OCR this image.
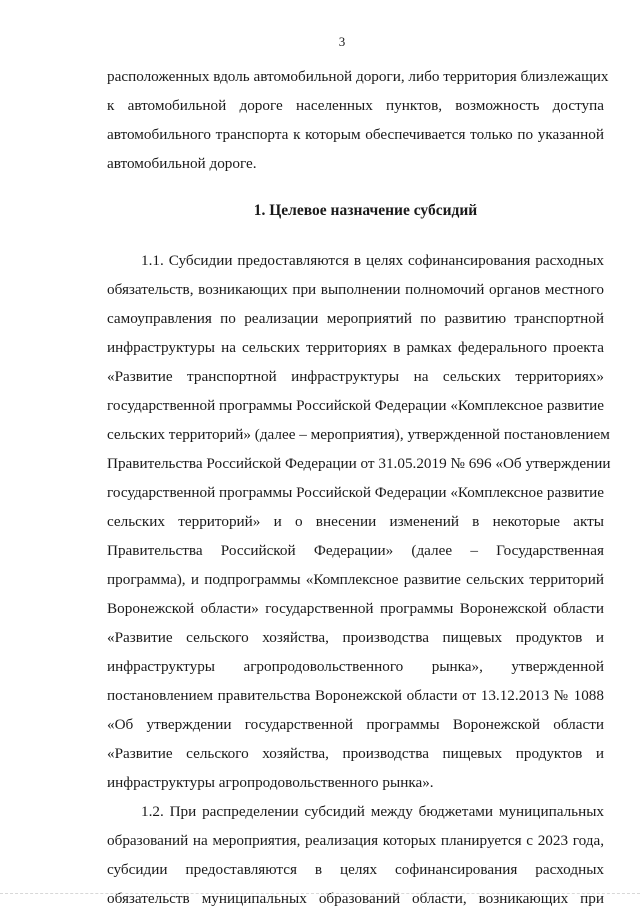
3
расположенных вдоль автомобильной дороги, либо территория близлежащих
к автомобильной дороге населенных пунктов, возможность доступа
автомобильного транспорта к которым обеспечивается только по указанной
автомобильной дороге.
1. Целевое назначение субсидий
1.1. Субсидии предоставляются в целях софинансирования расходных
обязательств, возникающих при выполнении полномочий органов местного
самоуправления по реализации мероприятий по развитию транспортной
инфраструктуры на сельских территориях в рамках федерального проекта
«Развитие транспортной инфраструктуры на сельских территориях»
государственной программы Российской Федерации «Комплексное развитие
сельских территорий» (далее – мероприятия), утвержденной постановлением
Правительства Российской Федерации от 31.05.2019 № 696 «Об утверждении
государственной программы Российской Федерации «Комплексное развитие
сельских территорий» и о внесении изменений в некоторые акты
Правительства Российской Федерации» (далее – Государственная
программа), и подпрограммы «Комплексное развитие сельских территорий
Воронежской области» государственной программы Воронежской области
«Развитие сельского хозяйства, производства пищевых продуктов и
инфраструктуры агропродовольственного рынка», утвержденной
постановлением правительства Воронежской области от 13.12.2013 № 1088
«Об утверждении государственной программы Воронежской области
«Развитие сельского хозяйства, производства пищевых продуктов и
инфраструктуры агропродовольственного рынка».
1.2. При распределении субсидий между бюджетами муниципальных
образований на мероприятия, реализация которых планируется с 2023 года,
субсидии предоставляются в целях софинансирования расходных
обязательств муниципальных образований области, возникающих при
